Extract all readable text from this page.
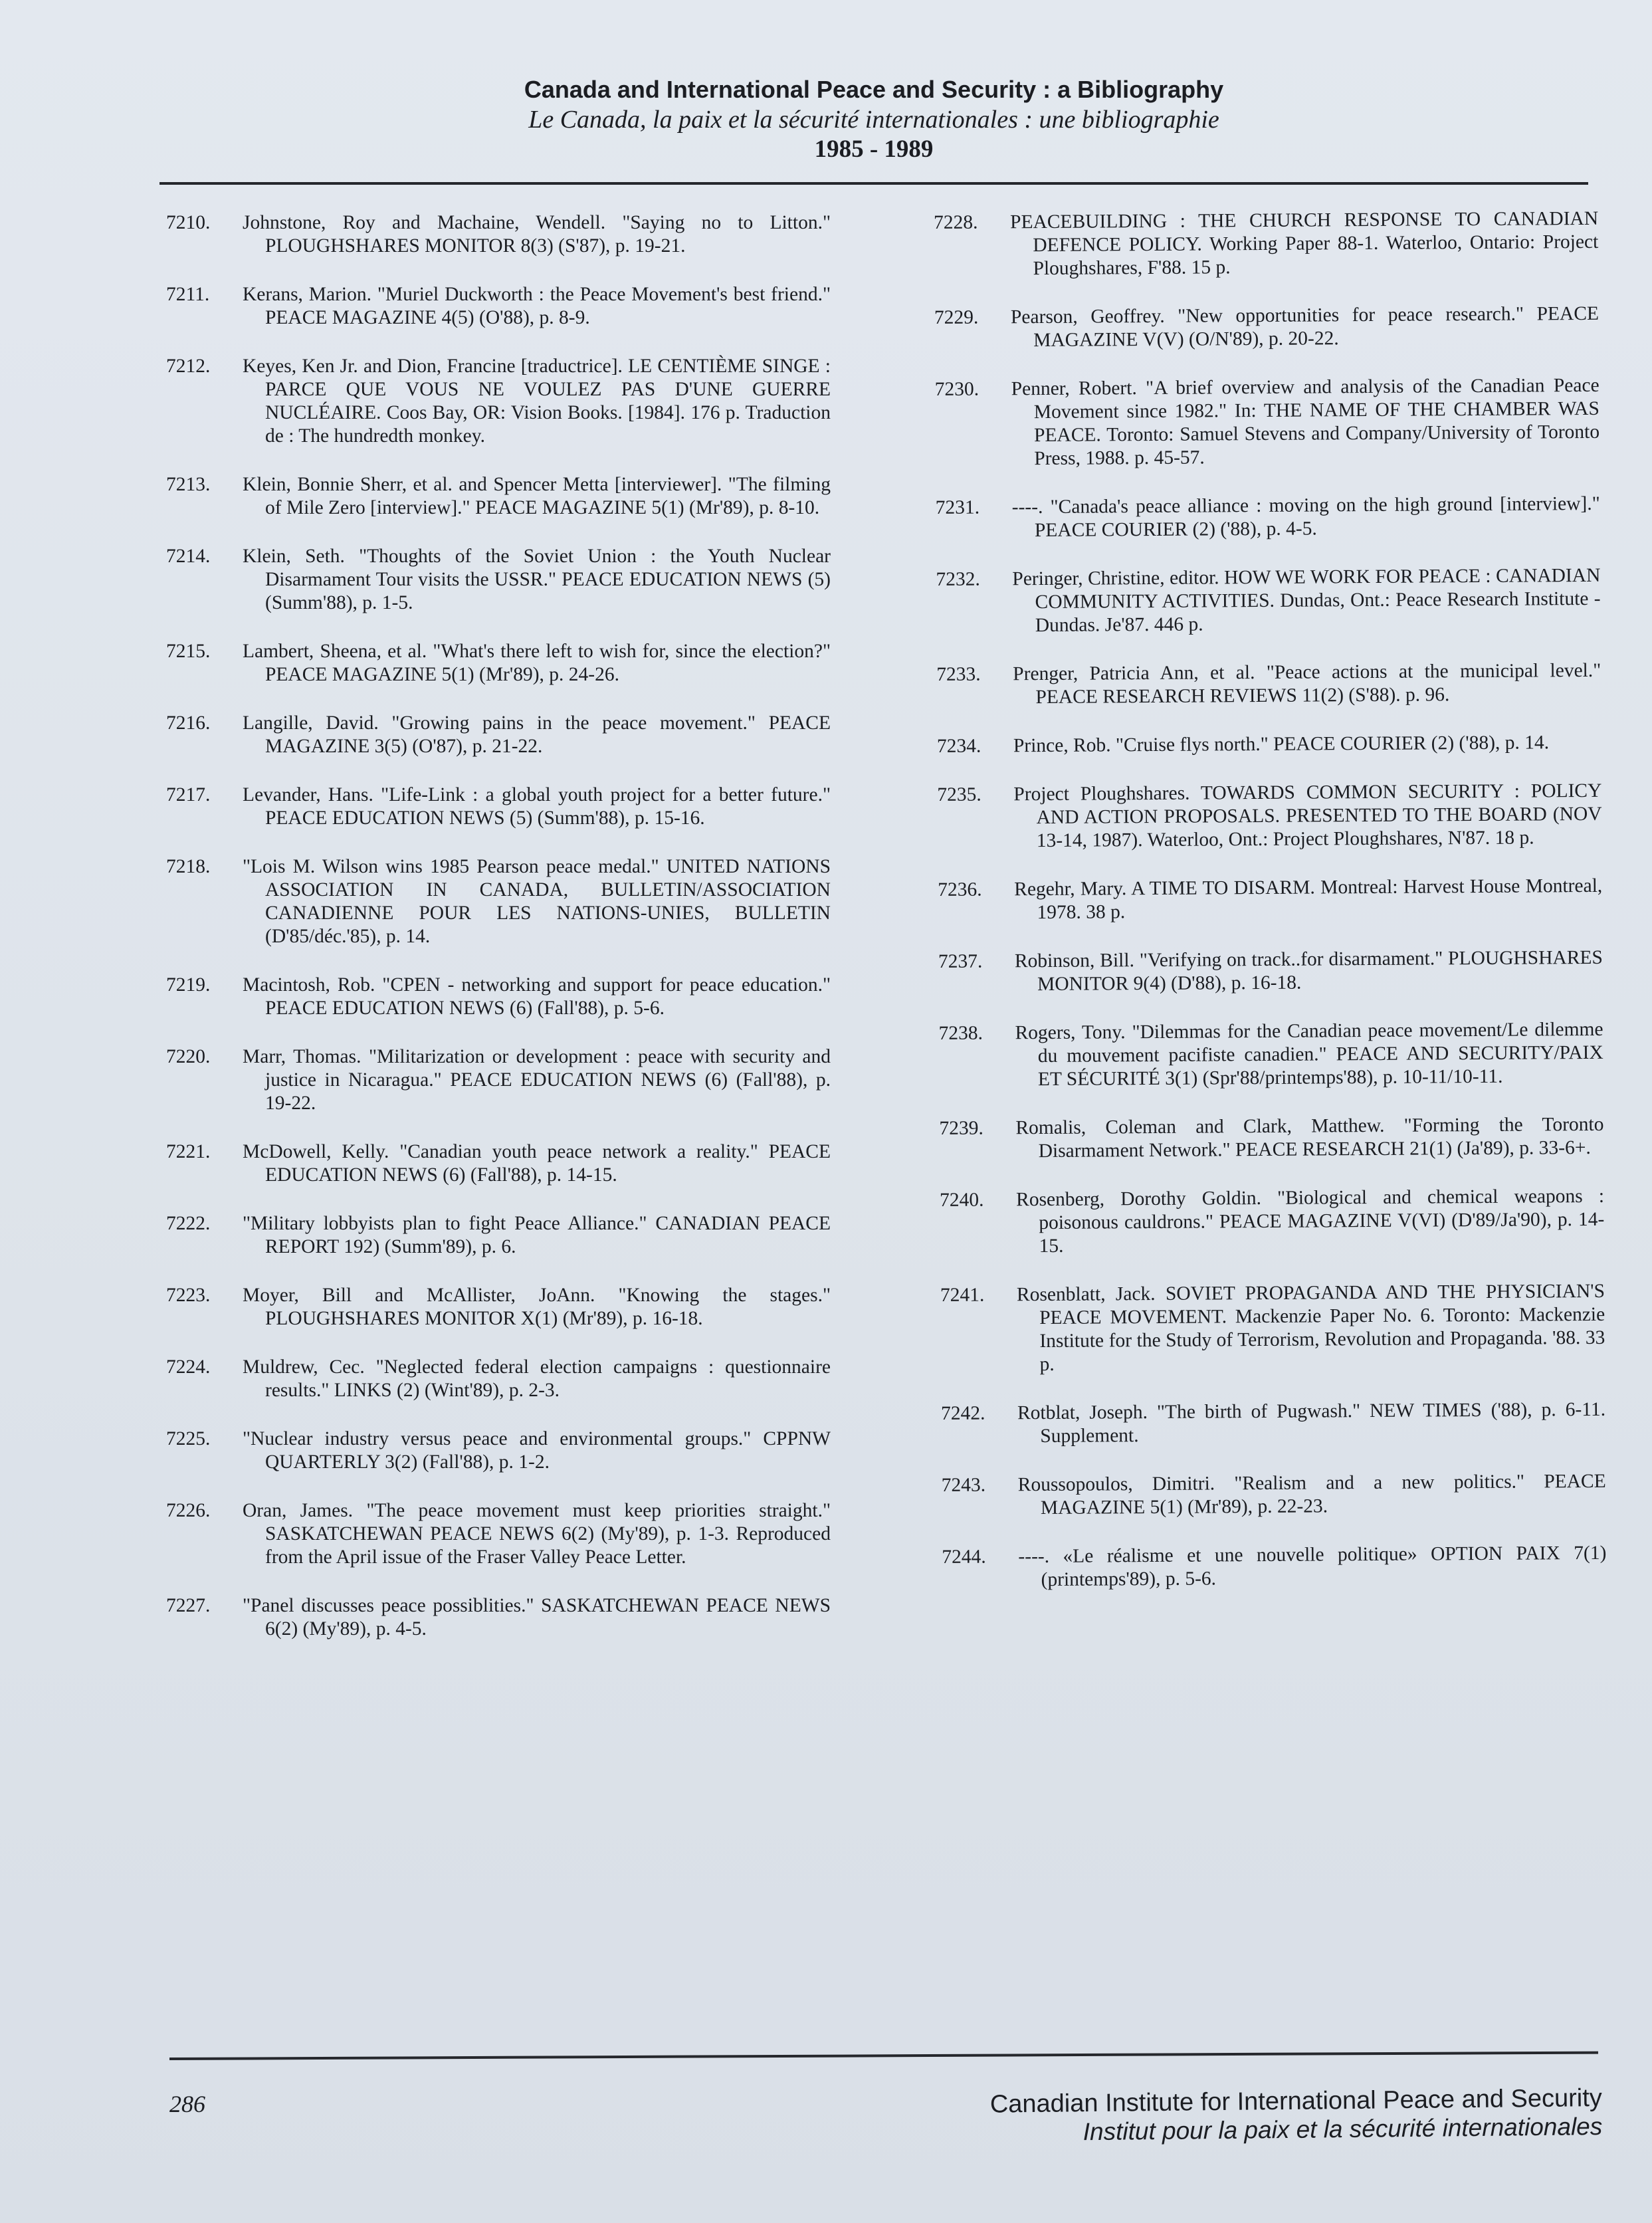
Canada and International Peace and Security : a Bibliography
Le Canada, la paix et la sécurité internationales : une bibliographie
1985 - 1989
7210. Johnstone, Roy and Machaine, Wendell. "Saying no to Litton." PLOUGHSHARES MONITOR 8(3) (S'87), p. 19-21.
7211. Kerans, Marion. "Muriel Duckworth : the Peace Movement's best friend." PEACE MAGAZINE 4(5) (O'88), p. 8-9.
7212. Keyes, Ken Jr. and Dion, Francine [traductrice]. LE CENTIÈME SINGE : PARCE QUE VOUS NE VOULEZ PAS D'UNE GUERRE NUCLÉAIRE. Coos Bay, OR: Vision Books. [1984]. 176 p. Traduction de : The hundredth monkey.
7213. Klein, Bonnie Sherr, et al. and Spencer Metta [interviewer]. "The filming of Mile Zero [interview]." PEACE MAGAZINE 5(1) (Mr'89), p. 8-10.
7214. Klein, Seth. "Thoughts of the Soviet Union : the Youth Nuclear Disarmament Tour visits the USSR." PEACE EDUCATION NEWS (5) (Summ'88), p. 1-5.
7215. Lambert, Sheena, et al. "What's there left to wish for, since the election?" PEACE MAGAZINE 5(1) (Mr'89), p. 24-26.
7216. Langille, David. "Growing pains in the peace movement." PEACE MAGAZINE 3(5) (O'87), p. 21-22.
7217. Levander, Hans. "Life-Link : a global youth project for a better future." PEACE EDUCATION NEWS (5) (Summ'88), p. 15-16.
7218. "Lois M. Wilson wins 1985 Pearson peace medal." UNITED NATIONS ASSOCIATION IN CANADA, BULLETIN/ASSOCIATION CANADIENNE POUR LES NATIONS-UNIES, BULLETIN (D'85/déc.'85), p. 14.
7219. Macintosh, Rob. "CPEN - networking and support for peace education." PEACE EDUCATION NEWS (6) (Fall'88), p. 5-6.
7220. Marr, Thomas. "Militarization or development : peace with security and justice in Nicaragua." PEACE EDUCATION NEWS (6) (Fall'88), p. 19-22.
7221. McDowell, Kelly. "Canadian youth peace network a reality." PEACE EDUCATION NEWS (6) (Fall'88), p. 14-15.
7222. "Military lobbyists plan to fight Peace Alliance." CANADIAN PEACE REPORT 192) (Summ'89), p. 6.
7223. Moyer, Bill and McAllister, JoAnn. "Knowing the stages." PLOUGHSHARES MONITOR X(1) (Mr'89), p. 16-18.
7224. Muldrew, Cec. "Neglected federal election campaigns : questionnaire results." LINKS (2) (Wint'89), p. 2-3.
7225. "Nuclear industry versus peace and environmental groups." CPPNW QUARTERLY 3(2) (Fall'88), p. 1-2.
7226. Oran, James. "The peace movement must keep priorities straight." SASKATCHEWAN PEACE NEWS 6(2) (My'89), p. 1-3. Reproduced from the April issue of the Fraser Valley Peace Letter.
7227. "Panel discusses peace possiblities." SASKATCHEWAN PEACE NEWS 6(2) (My'89), p. 4-5.
7228. PEACEBUILDING : THE CHURCH RESPONSE TO CANADIAN DEFENCE POLICY. Working Paper 88-1. Waterloo, Ontario: Project Ploughshares, F'88. 15 p.
7229. Pearson, Geoffrey. "New opportunities for peace research." PEACE MAGAZINE V(V) (O/N'89), p. 20-22.
7230. Penner, Robert. "A brief overview and analysis of the Canadian Peace Movement since 1982." In: THE NAME OF THE CHAMBER WAS PEACE. Toronto: Samuel Stevens and Company/University of Toronto Press, 1988. p. 45-57.
7231. ----. "Canada's peace alliance : moving on the high ground [interview]." PEACE COURIER (2) ('88), p. 4-5.
7232. Peringer, Christine, editor. HOW WE WORK FOR PEACE : CANADIAN COMMUNITY ACTIVITIES. Dundas, Ont.: Peace Research Institute - Dundas. Je'87. 446 p.
7233. Prenger, Patricia Ann, et al. "Peace actions at the municipal level." PEACE RESEARCH REVIEWS 11(2) (S'88). p. 96.
7234. Prince, Rob. "Cruise flys north." PEACE COURIER (2) ('88), p. 14.
7235. Project Ploughshares. TOWARDS COMMON SECURITY : POLICY AND ACTION PROPOSALS. PRESENTED TO THE BOARD (NOV 13-14, 1987). Waterloo, Ont.: Project Ploughshares, N'87. 18 p.
7236. Regehr, Mary. A TIME TO DISARM. Montreal: Harvest House Montreal, 1978. 38 p.
7237. Robinson, Bill. "Verifying on track..for disarmament." PLOUGHSHARES MONITOR 9(4) (D'88), p. 16-18.
7238. Rogers, Tony. "Dilemmas for the Canadian peace movement/Le dilemme du mouvement pacifiste canadien." PEACE AND SECURITY/PAIX ET SÉCURITÉ 3(1) (Spr'88/printemps'88), p. 10-11/10-11.
7239. Romalis, Coleman and Clark, Matthew. "Forming the Toronto Disarmament Network." PEACE RESEARCH 21(1) (Ja'89), p. 33-6+.
7240. Rosenberg, Dorothy Goldin. "Biological and chemical weapons : poisonous cauldrons." PEACE MAGAZINE V(VI) (D'89/Ja'90), p. 14-15.
7241. Rosenblatt, Jack. SOVIET PROPAGANDA AND THE PHYSICIAN'S PEACE MOVEMENT. Mackenzie Paper No. 6. Toronto: Mackenzie Institute for the Study of Terrorism, Revolution and Propaganda. '88. 33 p.
7242. Rotblat, Joseph. "The birth of Pugwash." NEW TIMES ('88), p. 6-11. Supplement.
7243. Roussopoulos, Dimitri. "Realism and a new politics." PEACE MAGAZINE 5(1) (Mr'89), p. 22-23.
7244. ----. «Le réalisme et une nouvelle politique» OPTION PAIX 7(1) (printemps'89), p. 5-6.
286	Canadian Institute for International Peace and Security
Institut pour la paix et la sécurité internationales
